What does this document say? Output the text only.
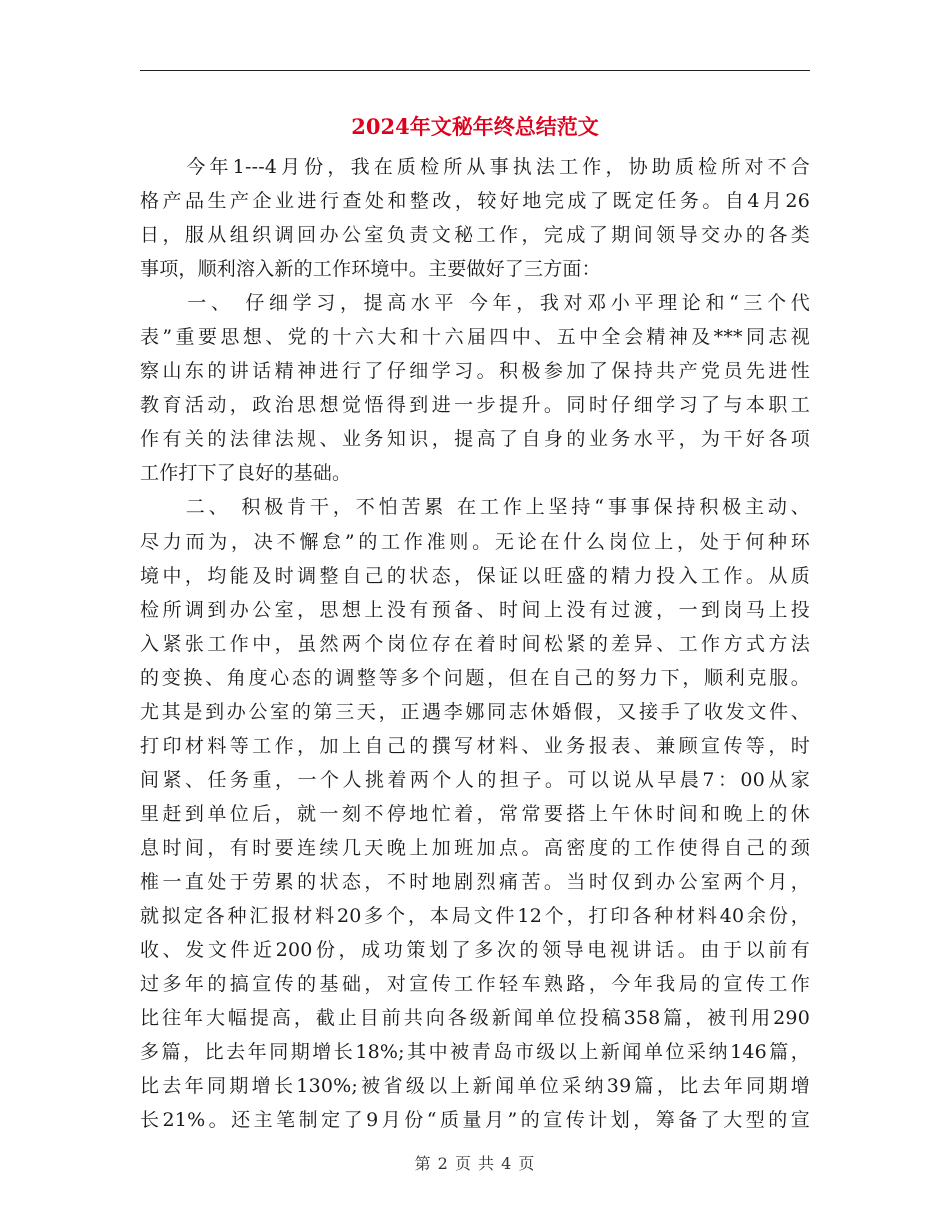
2024年文秘年终总结范文
　　今年1---4月份，我在质检所从事执法工作，协助质检所对不合
格产品生产企业进行查处和整改，较好地完成了既定任务。自4月26
日，服从组织调回办公室负责文秘工作，完成了期间领导交办的各类
事项，顺利溶入新的工作环境中。主要做好了三方面：
　　一、 仔细学习，提高水平 今年，我对邓小平理论和“三个代
表”重要思想、党的十六大和十六届四中、五中全会精神及***同志视
察山东的讲话精神进行了仔细学习。积极参加了保持共产党员先进性
教育活动，政治思想觉悟得到进一步提升。同时仔细学习了与本职工
作有关的法律法规、业务知识，提高了自身的业务水平，为干好各项
工作打下了良好的基础。
　　二、 积极肯干，不怕苦累 在工作上坚持“事事保持积极主动、
尽力而为，决不懈怠”的工作准则。无论在什么岗位上，处于何种环
境中，均能及时调整自己的状态，保证以旺盛的精力投入工作。从质
检所调到办公室，思想上没有预备、时间上没有过渡，一到岗马上投
入紧张工作中，虽然两个岗位存在着时间松紧的差异、工作方式方法
的变换、角度心态的调整等多个问题，但在自己的努力下，顺利克服。
尤其是到办公室的第三天，正遇李娜同志休婚假，又接手了收发文件、
打印材料等工作，加上自己的撰写材料、业务报表、兼顾宣传等，时
间紧、任务重，一个人挑着两个人的担子。可以说从早晨7：00从家
里赶到单位后，就一刻不停地忙着，常常要搭上午休时间和晚上的休
息时间，有时要连续几天晚上加班加点。高密度的工作使得自己的颈
椎一直处于劳累的状态，不时地剧烈痛苦。当时仅到办公室两个月，
就拟定各种汇报材料20多个，本局文件12个，打印各种材料40余份，
收、发文件近200份，成功策划了多次的领导电视讲话。由于以前有
过多年的搞宣传的基础，对宣传工作轻车熟路，今年我局的宣传工作
比往年大幅提高，截止目前共向各级新闻单位投稿358篇，被刊用290
多篇，比去年同期增长18%;其中被青岛市级以上新闻单位采纳146篇，
比去年同期增长130%;被省级以上新闻单位采纳39篇，比去年同期增
长21%。还主笔制定了9月份“质量月”的宣传计划，筹备了大型的宣
第 2 页 共 4 页
